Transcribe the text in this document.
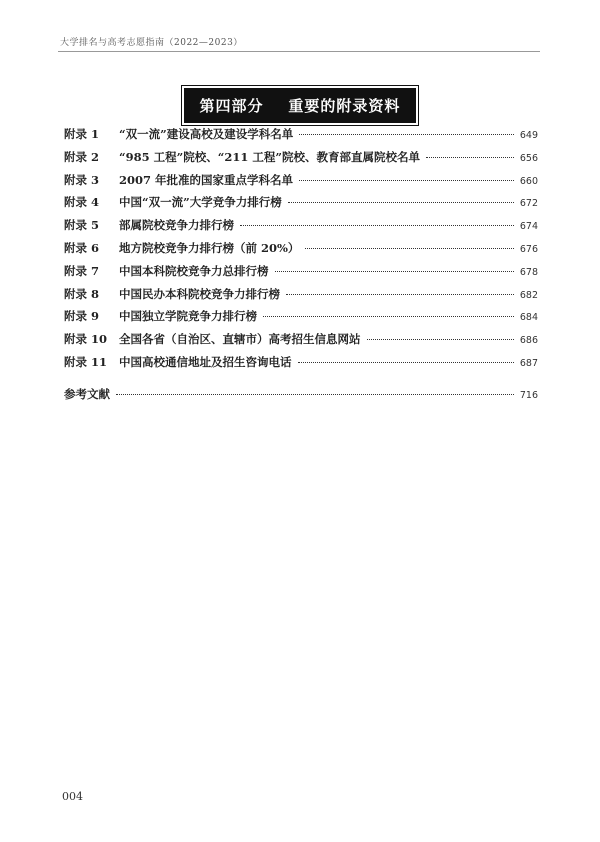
大学排名与高考志愿指南（2022—2023）
第四部分    重要的附录资料
附录 1	“双一流”建设高校及建设学科名单	649
附录 2	“985 工程”院校、“211 工程”院校、教育部直属院校名单	656
附录 3	2007 年批准的国家重点学科名单	660
附录 4	中国“双一流”大学竞争力排行榜	672
附录 5	部属院校竞争力排行榜	674
附录 6	地方院校竞争力排行榜（前 20%）	676
附录 7	中国本科院校竞争力总排行榜	678
附录 8	中国民办本科院校竞争力排行榜	682
附录 9	中国独立学院竞争力排行榜	684
附录 10	全国各省（自治区、直辖市）高考招生信息网站	686
附录 11	中国高校通信地址及招生咨询电话	687
参考文献	716
004
